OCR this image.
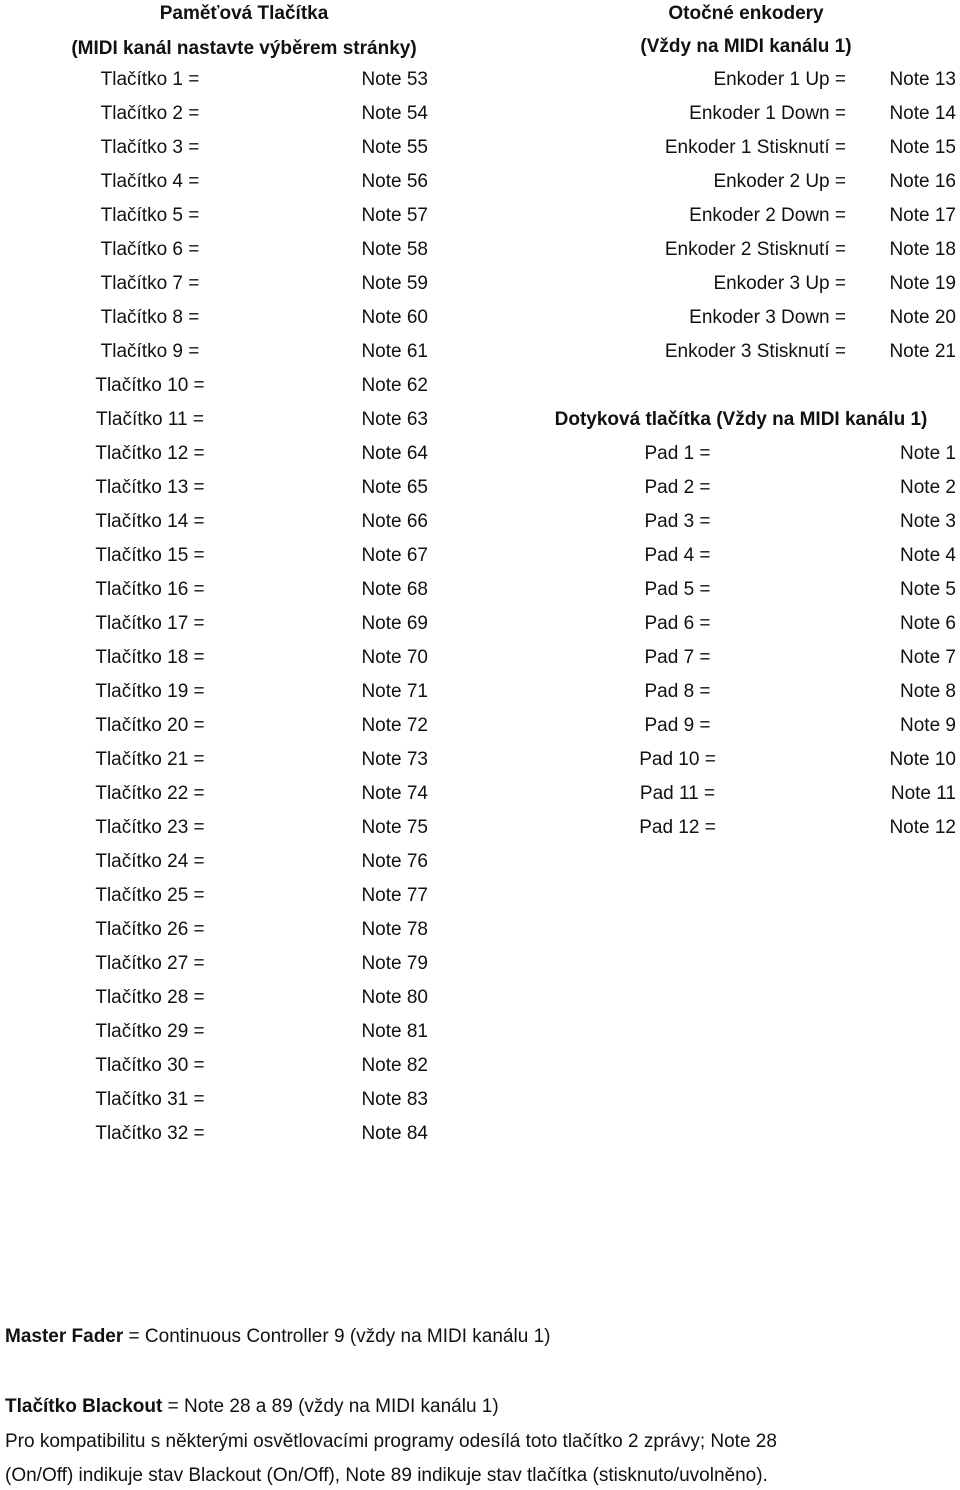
Paměťová Tlačítka
(MIDI kanál nastavte výběrem stránky)
Tlačítko 1 =	Note 53
Tlačítko 2 =	Note 54
Tlačítko 3 =	Note 55
Tlačítko 4 =	Note 56
Tlačítko 5 =	Note 57
Tlačítko 6 =	Note 58
Tlačítko 7 =	Note 59
Tlačítko 8 =	Note 60
Tlačítko 9 =	Note 61
Tlačítko 10 =	Note 62
Tlačítko 11 =	Note 63
Tlačítko 12 =	Note 64
Tlačítko 13 =	Note 65
Tlačítko 14 =	Note 66
Tlačítko 15 =	Note 67
Tlačítko 16 =	Note 68
Tlačítko 17 =	Note 69
Tlačítko 18 =	Note 70
Tlačítko 19 =	Note 71
Tlačítko 20 =	Note 72
Tlačítko 21 =	Note 73
Tlačítko 22 =	Note 74
Tlačítko 23 =	Note 75
Tlačítko 24 =	Note 76
Tlačítko 25 =	Note 77
Tlačítko 26 =	Note 78
Tlačítko 27 =	Note 79
Tlačítko 28 =	Note 80
Tlačítko 29 =	Note 81
Tlačítko 30 =	Note 82
Tlačítko 31 =	Note 83
Tlačítko 32 =	Note 84
Otočné enkodery
(Vždy na MIDI kanálu 1)
Enkoder 1 Up =	Note 13
Enkoder 1 Down =	Note 14
Enkoder 1 Stisknutí =	Note 15
Enkoder 2 Up =	Note 16
Enkoder 2 Down =	Note 17
Enkoder 2 Stisknutí =	Note 18
Enkoder 3 Up =	Note 19
Enkoder 3 Down =	Note 20
Enkoder 3 Stisknutí =	Note 21
Dotyková tlačítka (Vždy na MIDI kanálu 1)
Pad 1 =	Note 1
Pad 2 =	Note 2
Pad 3 =	Note 3
Pad 4 =	Note 4
Pad 5 =	Note 5
Pad 6 =	Note 6
Pad 7 =	Note 7
Pad 8 =	Note 8
Pad 9 =	Note 9
Pad 10 =	Note 10
Pad 11 =	Note 11
Pad 12 =	Note 12
Master Fader = Continuous Controller 9 (vždy na MIDI kanálu 1)
Tlačítko Blackout = Note 28 a 89 (vždy na MIDI kanálu 1)
Pro kompatibilitu s některými osvětlovacími programy odesílá toto tlačítko 2 zprávy; Note 28
(On/Off) indikuje stav Blackout (On/Off), Note 89 indikuje stav tlačítka (stisknuto/uvolněno).
